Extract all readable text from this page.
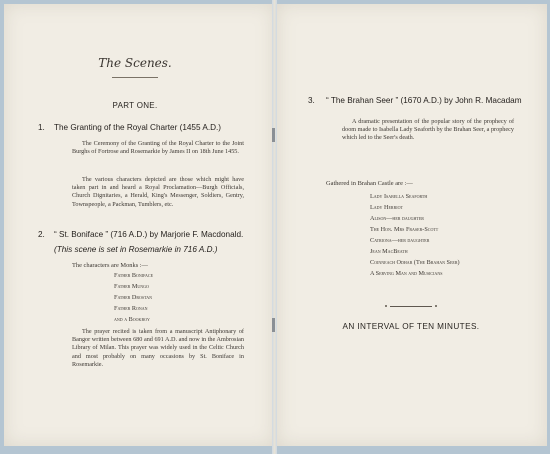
The Scenes.
PART ONE.
1. The Granting of the Royal Charter (1455 A.D.)
The Ceremony of the Granting of the Royal Charter to the Joint Burghs of Fortrose and Rosemarkie by James II on 18th June 1455.
The various characters depicted are those which might have taken part in and heard a Royal Proclamation—Burgh Officials, Church Dignitaries, a Herald, King's Messenger, Soldiers, Gentry, Townspeople, a Packman, Tumblers, etc.
2. “ St. Boniface ” (716 A.D.) by Marjorie F. Macdonald.
(This scene is set in Rosemarkie in 716 A.D.)
The characters are Monks :—
Father Boniface
Father Mungo
Father Drostan
Father Ronan
and a Bookboy
The prayer recited is taken from a manuscript Antiphonary of Bangor written between 680 and 691 A.D. and now in the Ambrosian Library of Milan. This prayer was widely used in the Celtic Church and most probably on many occasions by St. Boniface in Rosemarkie.
3. “ The Brahan Seer ” (1670 A.D.) by John R. Macadam
A dramatic presentation of the popular story of the prophecy of doom made to Isabella Lady Seaforth by the Brahan Seer, a prophecy which led to the Seer's death.
Gathered in Brahan Castle are :—
Lady Isabella Seaforth
Lady Herriot
Alison—her daughter
The Hon. Mrs Fraser-Scott
Catriona—her daughter
Jean MacBeath
Coinneach Odhar (The Brahan Seer)
A Serving Man and Musicians
AN INTERVAL OF TEN MINUTES.
